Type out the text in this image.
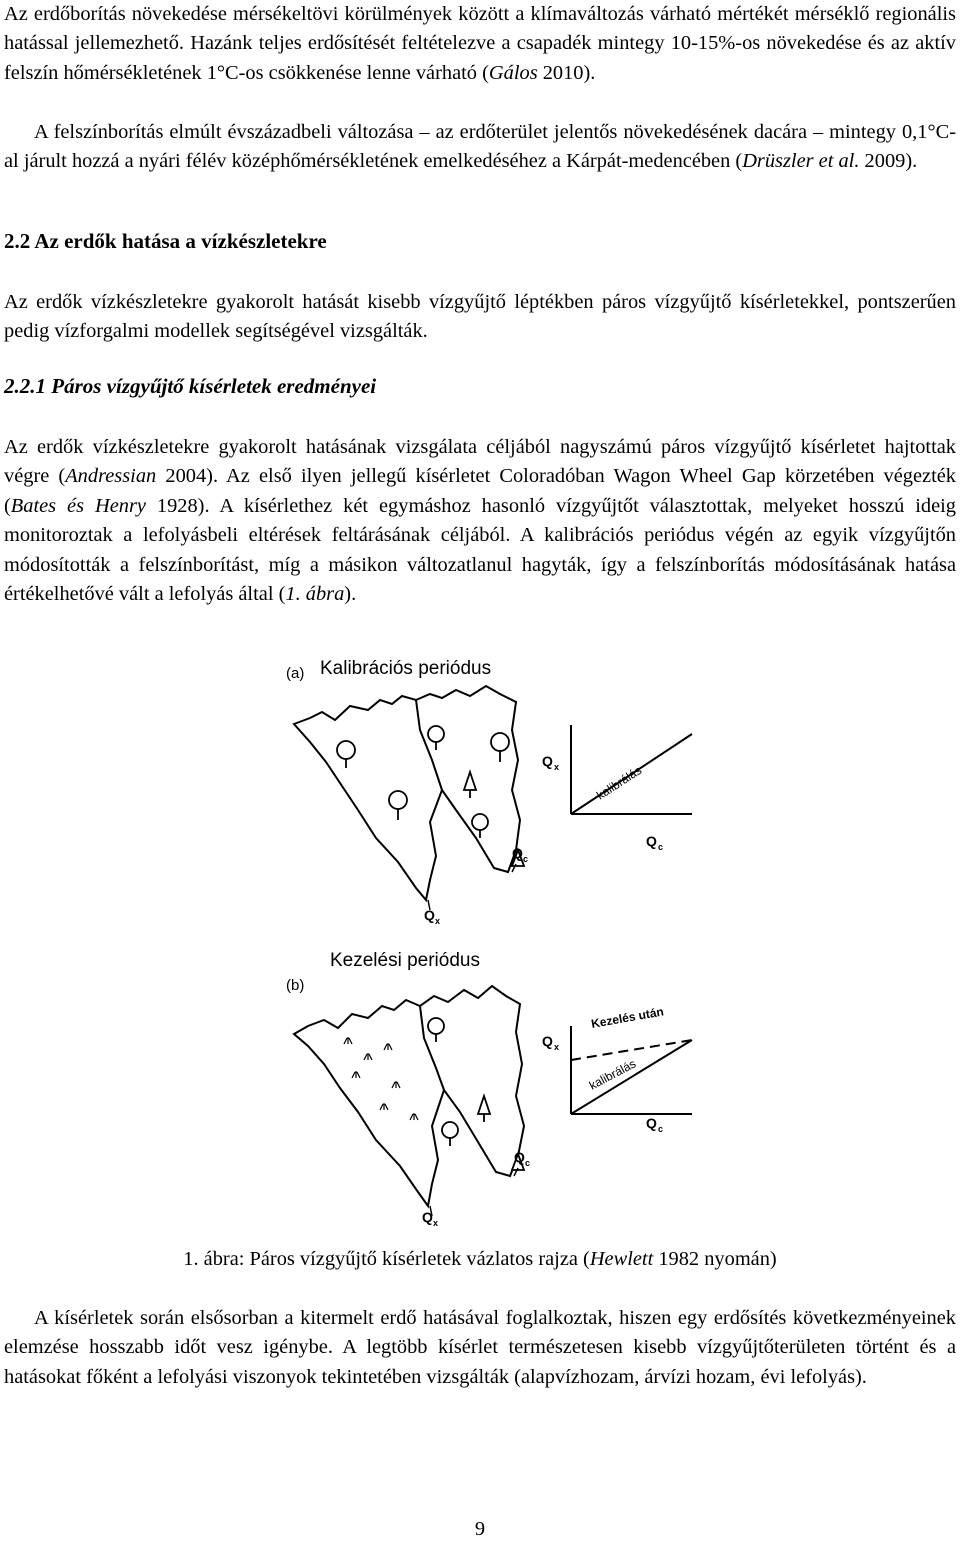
Az erdőborítás növekedése mérsékeltövi körülmények között a klímaváltozás várható mértékét mérséklő regionális hatással jellemezhető. Hazánk teljes erdősítését feltételezve a csapadék mintegy 10-15%-os növekedése és az aktív felszín hőmérsékletének 1°C-os csökkenése lenne várható (Gálos 2010).

A felszínborítás elmúlt évszázadbeli változása – az erdőterület jelentős növekedésének dacára – mintegy 0,1°C-al járult hozzá a nyári félév középhőmérsékletének emelkedéséhez a Kárpát-medencében (Drüszler et al. 2009).

2.2 Az erdők hatása a vízkészletekre

Az erdők vízkészletekre gyakorolt hatását kisebb vízgyűjtő léptékben páros vízgyűjtő kísérletekkel, pontszerűen pedig vízforgalmi modellek segítségével vizsgálták.

2.2.1 Páros vízgyűjtő kísérletek eredményei

Az erdők vízkészletekre gyakorolt hatásának vizsgálata céljából nagyszámú páros vízgyűjtő kísérletet hajtottak végre (Andressian 2004). Az első ilyen jellegű kísérletet Coloradóban Wagon Wheel Gap körzetében végezték (Bates és Henry 1928). A kísérlethez két egymáshoz hasonló vízgyűjtőt választottak, melyeket hosszú ideig monitoroztak a lefolyásbeli eltérések feltárásának céljából. A kalibrációs periódus végén az egyik vízgyűjtőn módosították a felszínborítást, míg a másikon változatlanul hagyták, így a felszínborítás módosításának hatása értékelhetővé vált a lefolyás által (1. ábra).

(a) Kalibrációs periódus
Q c
Q x
Q x
Q c
kalibrálás
Kezelési periódus
(b)
Q c
Q x
Q x
Q c
Kezelés után
kalibrálás

1. ábra: Páros vízgyűjtő kísérletek vázlatos rajza (Hewlett 1982 nyomán)

A kísérletek során elsősorban a kitermelt erdő hatásával foglalkoztak, hiszen egy erdősítés következményeinek elemzése hosszabb időt vesz igénybe. A legtöbb kísérlet természetesen kisebb vízgyűjtőterületen történt és a hatásokat főként a lefolyási viszonyok tekintetében vizsgálták (alapvízhozam, árvízi hozam, évi lefolyás).

9
